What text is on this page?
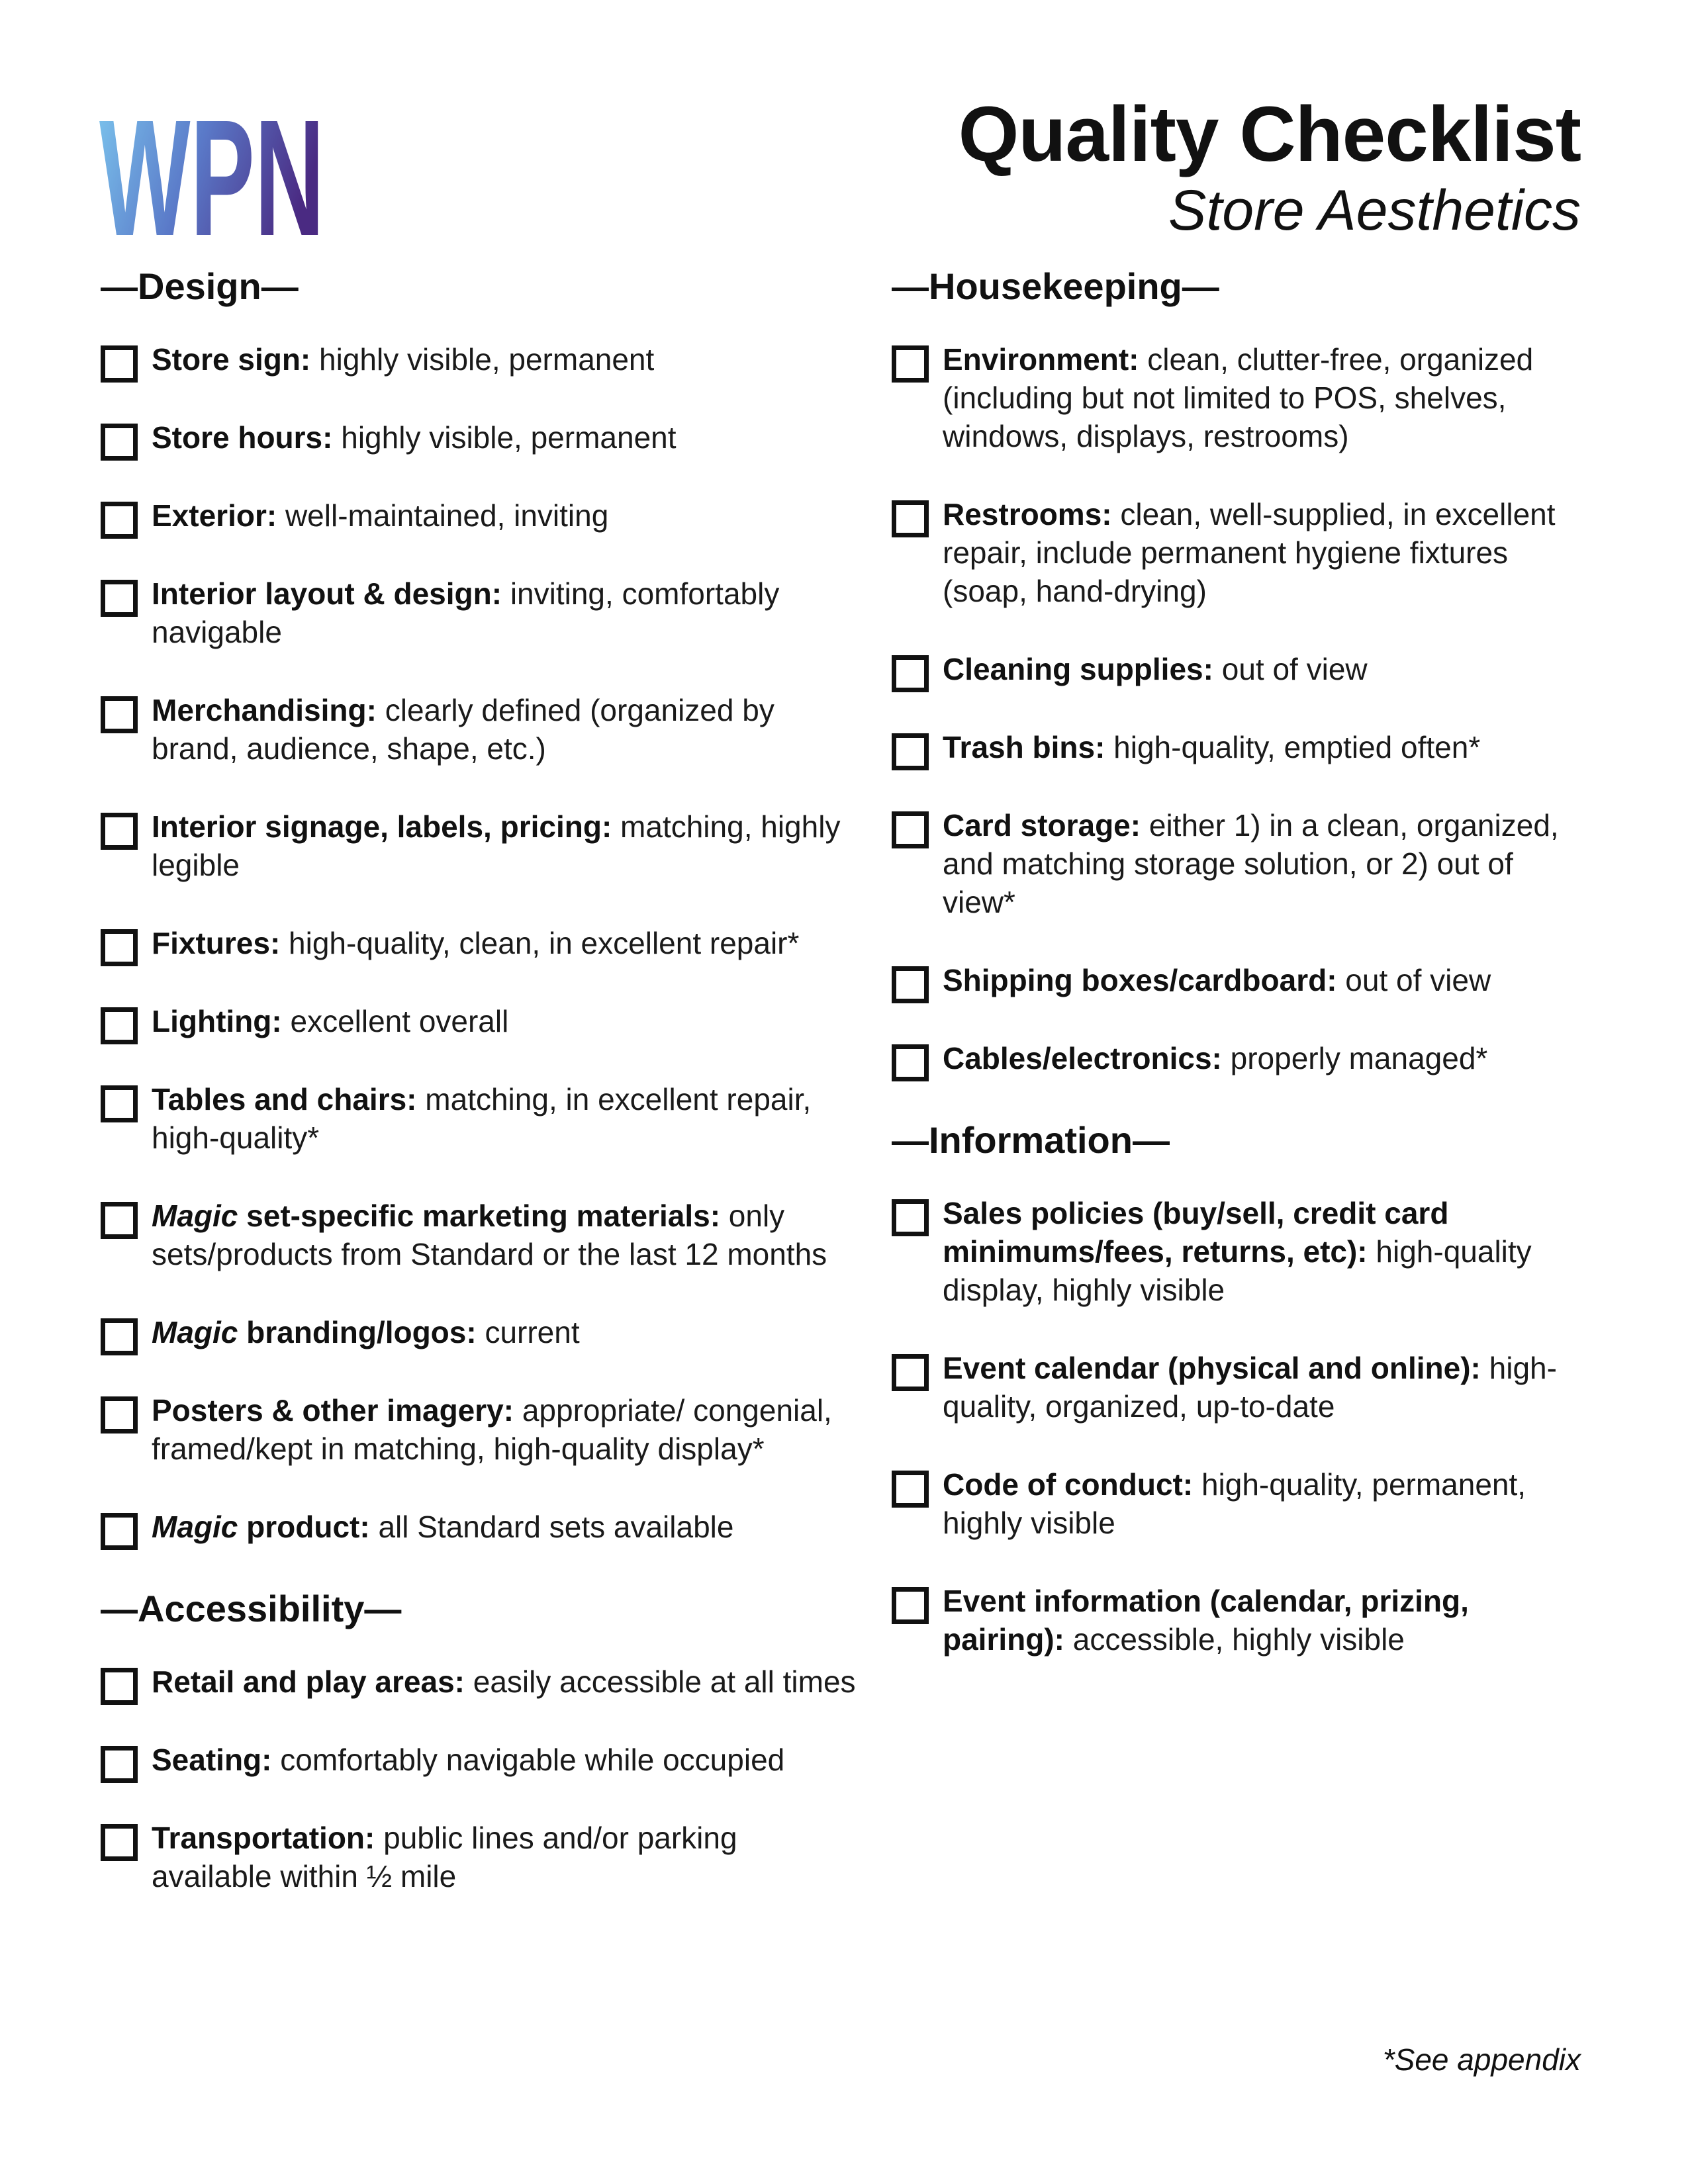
WPN	Quality Checklist
Store Aesthetics
—Design—
Store sign: highly visible, permanent
Store hours: highly visible, permanent
Exterior: well-maintained, inviting
Interior layout & design: inviting, comfortably navigable
Merchandising: clearly defined (organized by brand, audience, shape, etc.)
Interior signage, labels, pricing: matching, highly legible
Fixtures: high-quality, clean, in excellent repair*
Lighting: excellent overall
Tables and chairs: matching, in excellent repair, high-quality*
Magic set-specific marketing materials: only sets/products from Standard or the last 12 months
Magic branding/logos: current
Posters & other imagery: appropriate/ congenial, framed/kept in matching, high-quality display*
Magic product: all Standard sets available
—Accessibility—
Retail and play areas: easily accessible at all times
Seating: comfortably navigable while occupied
Transportation: public lines and/or parking available within ½ mile
—Housekeeping—
Environment: clean, clutter-free, organized (including but not limited to POS, shelves, windows, displays, restrooms)
Restrooms: clean, well-supplied, in excellent repair, include permanent hygiene fixtures (soap, hand-drying)
Cleaning supplies: out of view
Trash bins: high-quality, emptied often*
Card storage: either 1) in a clean, organized, and matching storage solution, or 2) out of view*
Shipping boxes/cardboard: out of view
Cables/electronics: properly managed*
—Information—
Sales policies (buy/sell, credit card minimums/fees, returns, etc): high-quality display, highly visible
Event calendar (physical and online): high-quality, organized, up-to-date
Code of conduct: high-quality, permanent, highly visible
Event information (calendar, prizing, pairing): accessible, highly visible
*See appendix
